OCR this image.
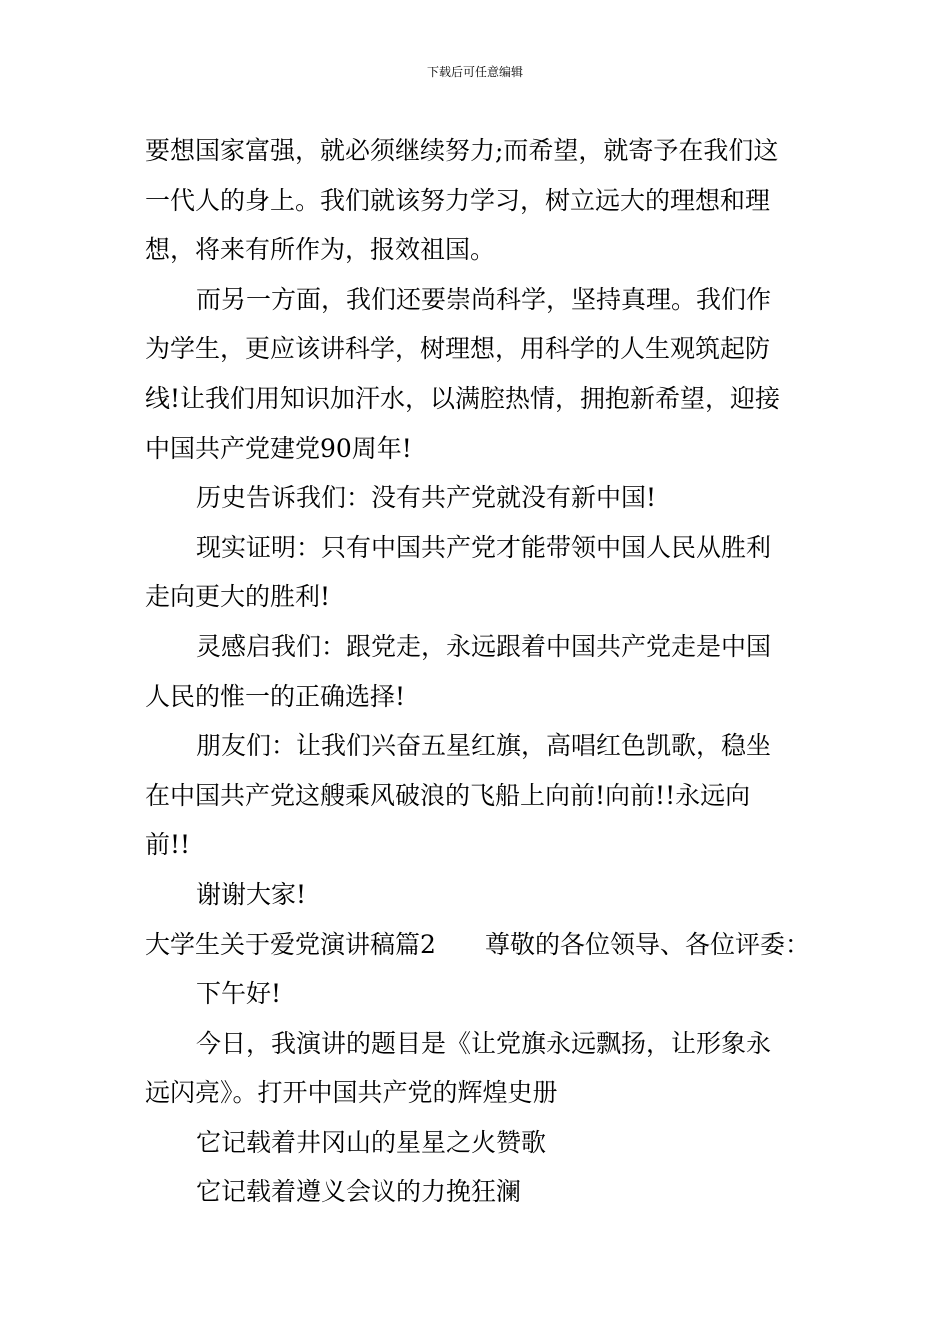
下载后可任意编辑
要想国家富强，就必须继续努力;而希望，就寄予在我们这
一代人的身上。我们就该努力学习，树立远大的理想和理
想，将来有所作为，报效祖国。
而另一方面，我们还要崇尚科学，坚持真理。我们作
为学生，更应该讲科学，树理想，用科学的人生观筑起防
线!让我们用知识加汗水，以满腔热情，拥抱新希望，迎接
中国共产党建党90周年!
历史告诉我们：没有共产党就没有新中国!
现实证明：只有中国共产党才能带领中国人民从胜利
走向更大的胜利!
灵感启我们：跟党走，永远跟着中国共产党走是中国
人民的惟一的正确选择!
朋友们：让我们兴奋五星红旗，高唱红色凯歌，稳坐
在中国共产党这艘乘风破浪的飞船上向前!向前!!永远向
前!!
谢谢大家!
大学生关于爱党演讲稿篇2 尊敬的各位领导、各位评委：
下午好!
今日，我演讲的题目是《让党旗永远飘扬，让形象永
远闪亮》。打开中国共产党的辉煌史册
它记载着井冈山的星星之火赞歌
它记载着遵义会议的力挽狂澜
